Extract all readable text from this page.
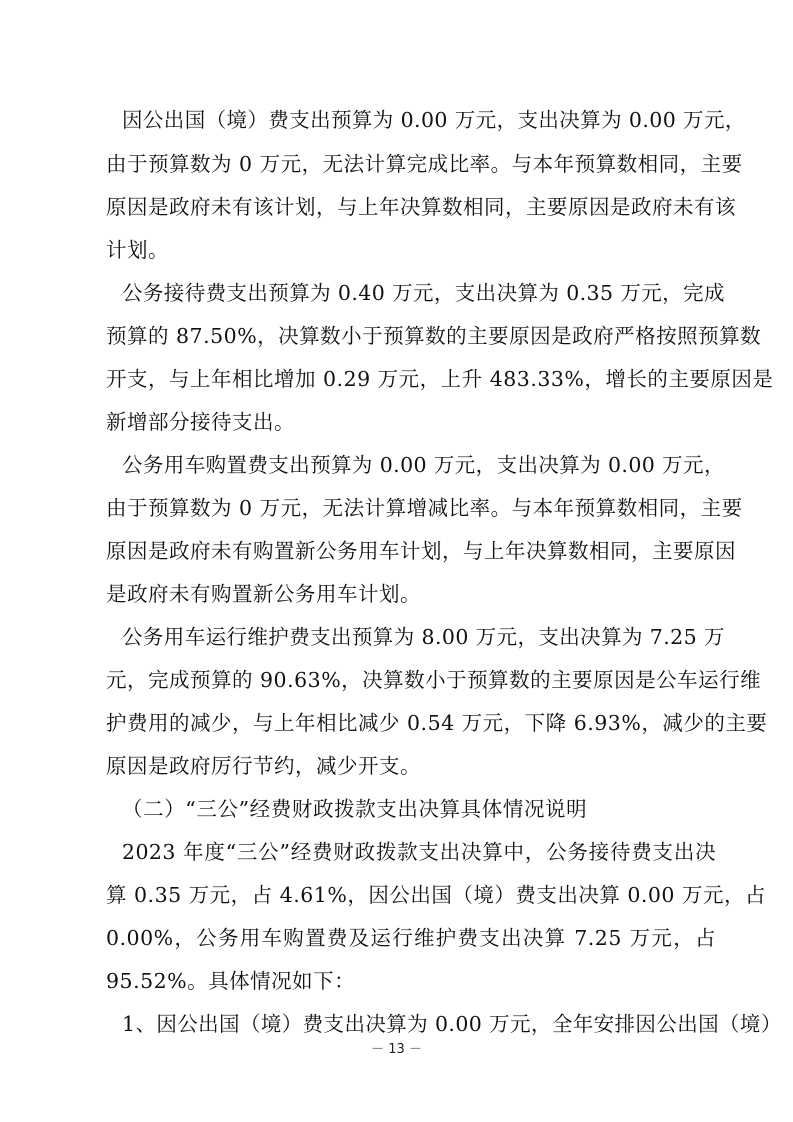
因公出国（境）费支出预算为 0.00 万元，支出决算为 0.00 万元，
由于预算数为 0 万元，无法计算完成比率。与本年预算数相同，主要
原因是政府未有该计划，与上年决算数相同，主要原因是政府未有该
计划。
公务接待费支出预算为 0.40 万元，支出决算为 0.35 万元，完成
预算的 87.50%，决算数小于预算数的主要原因是政府严格按照预算数
开支，与上年相比增加 0.29 万元，上升 483.33%，增长的主要原因是
新增部分接待支出。
公务用车购置费支出预算为 0.00 万元，支出决算为 0.00 万元，
由于预算数为 0 万元，无法计算增减比率。与本年预算数相同，主要
原因是政府未有购置新公务用车计划，与上年决算数相同，主要原因
是政府未有购置新公务用车计划。
公务用车运行维护费支出预算为 8.00 万元，支出决算为 7.25 万
元，完成预算的 90.63%，决算数小于预算数的主要原因是公车运行维
护费用的减少，与上年相比减少 0.54 万元，下降 6.93%，减少的主要
原因是政府厉行节约，减少开支。
（二）“三公”经费财政拨款支出决算具体情况说明
2023 年度“三公”经费财政拨款支出决算中，公务接待费支出决
算 0.35 万元，占 4.61%，因公出国（境）费支出决算 0.00 万元，占
0.00%，公务用车购置费及运行维护费支出决算 7.25 万元，占
95.52%。具体情况如下：
1、因公出国（境）费支出决算为 0.00 万元，全年安排因公出国（境）
－ 13 －
